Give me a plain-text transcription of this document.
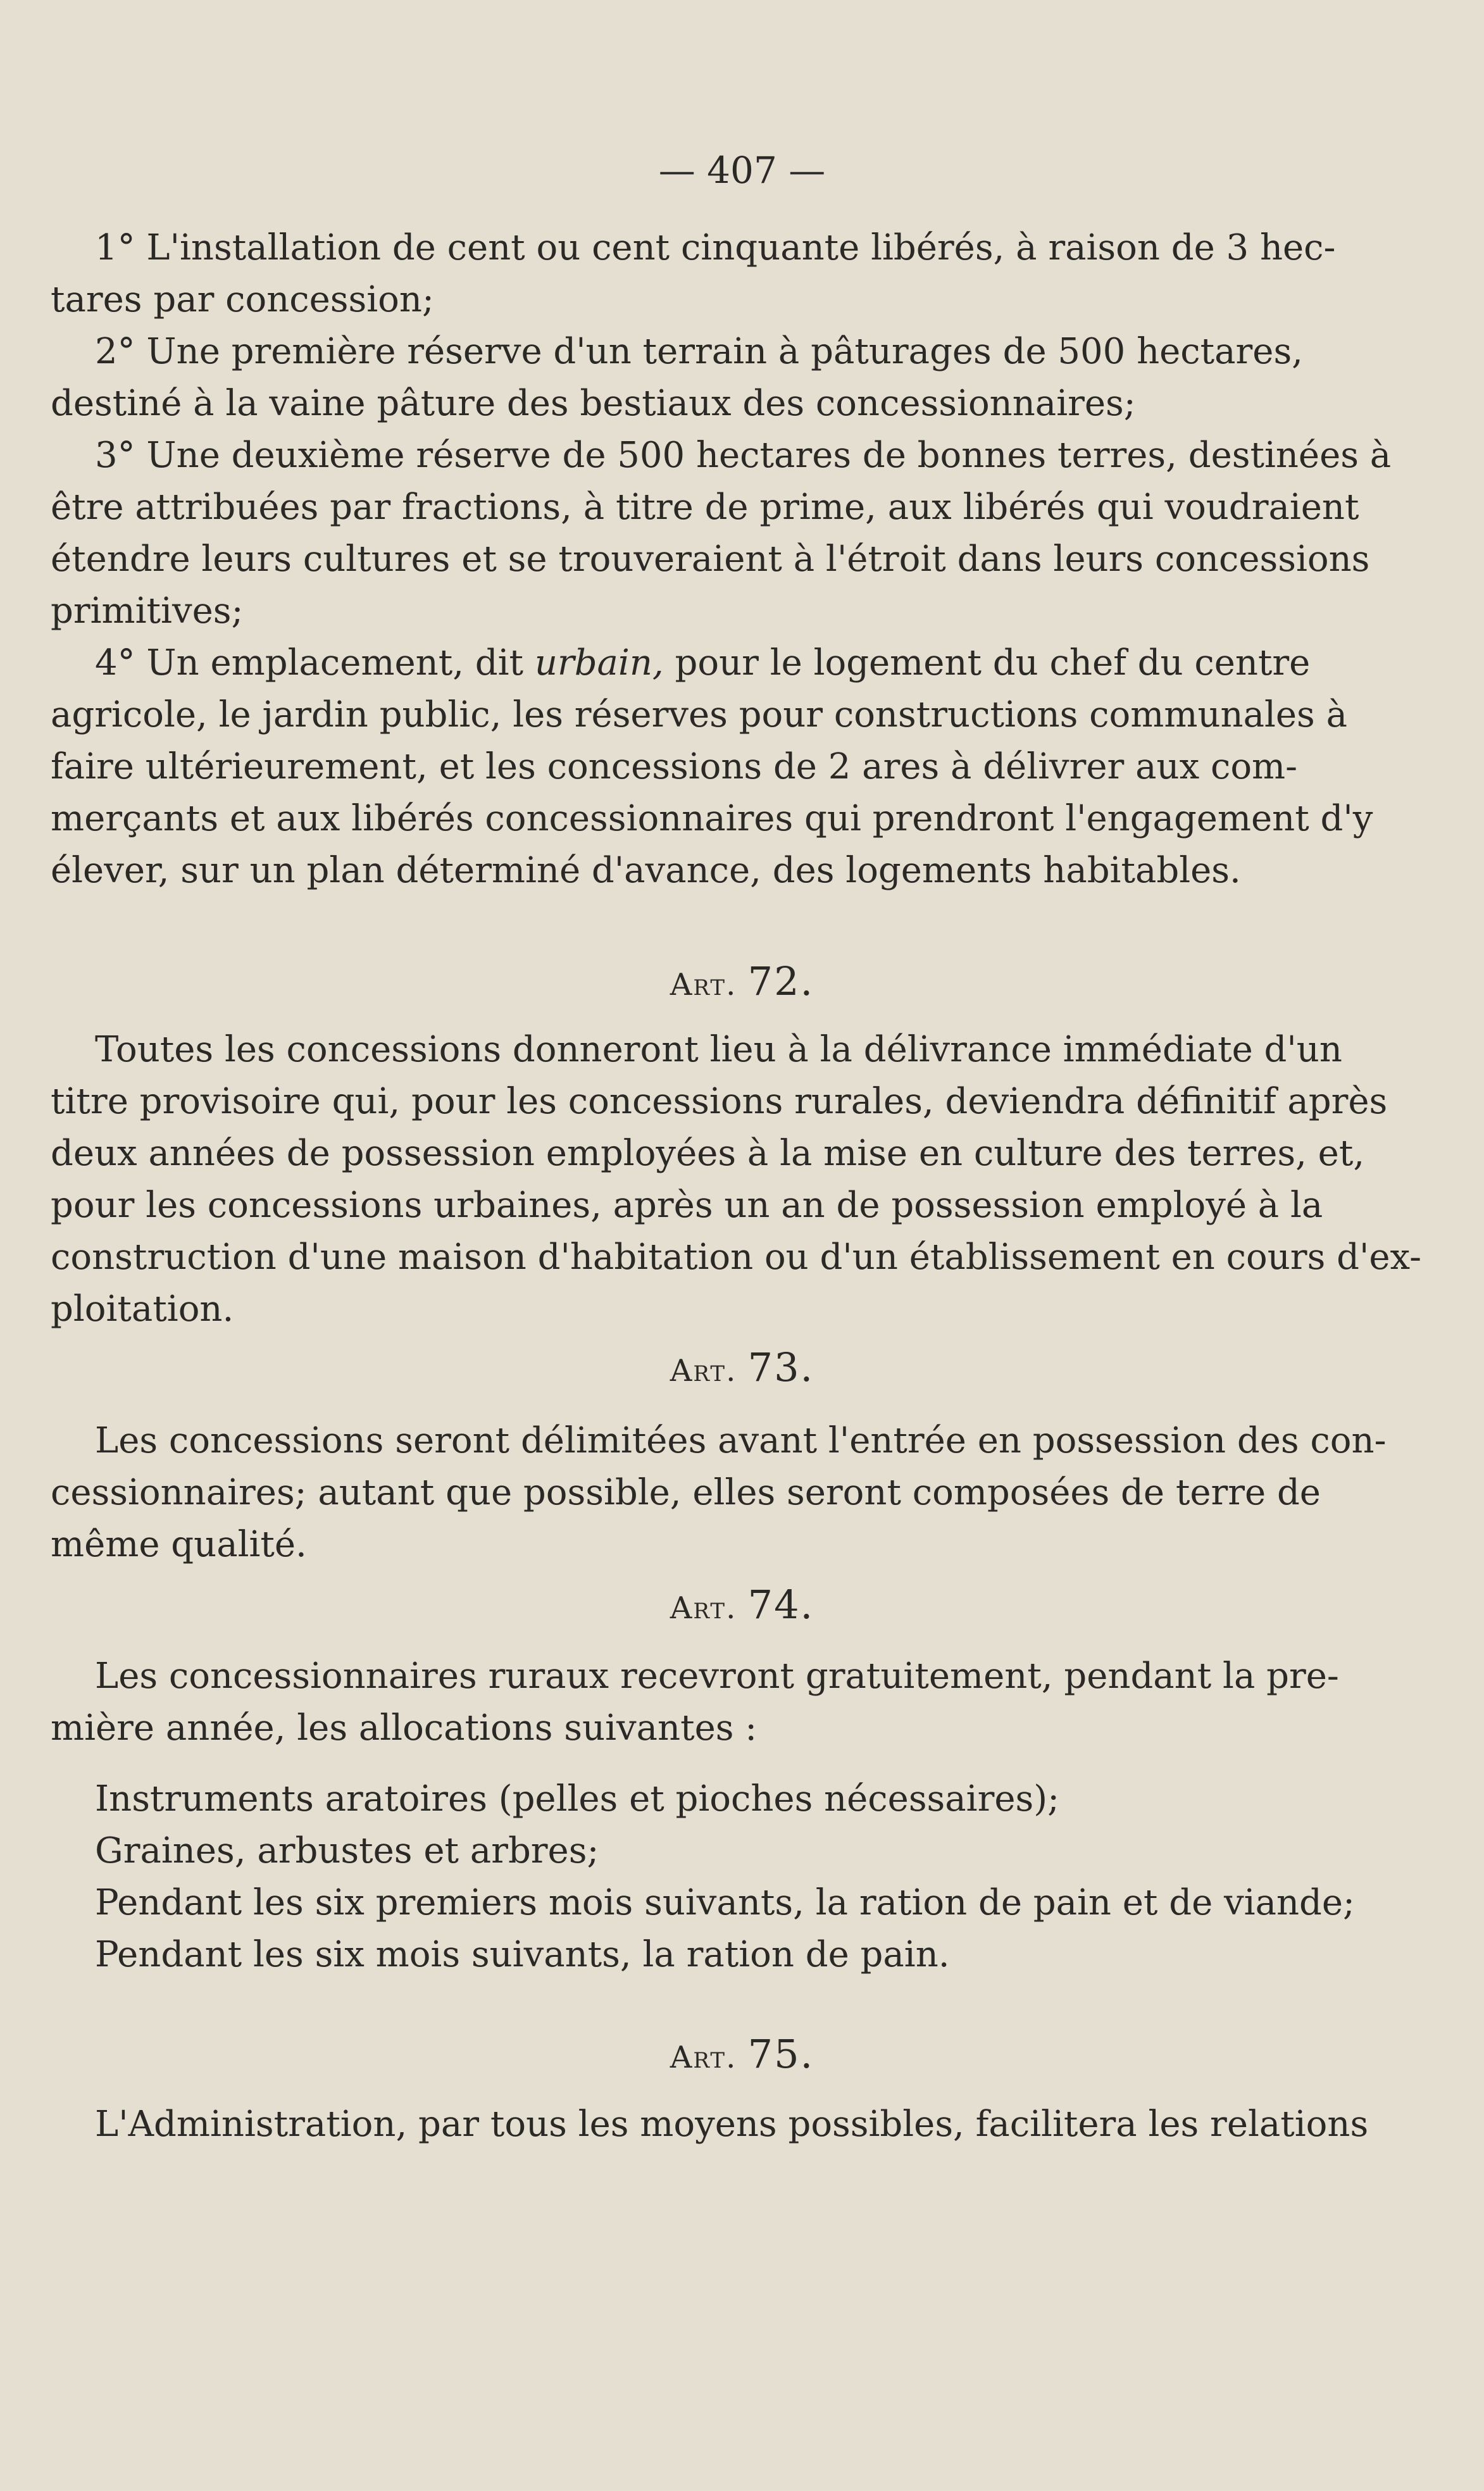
— 407 —
1° L'installation de cent ou cent cinquante libérés, à raison de 3 hec-
tares par concession;
2° Une première réserve d'un terrain à pâturages de 500 hectares,
destiné à la vaine pâture des bestiaux des concessionnaires;
3° Une deuxième réserve de 500 hectares de bonnes terres, destinées à
être attribuées par fractions, à titre de prime, aux libérés qui voudraient
étendre leurs cultures et se trouveraient à l'étroit dans leurs concessions
primitives;
4° Un emplacement, dit urbain, pour le logement du chef du centre
agricole, le jardin public, les réserves pour constructions communales à
faire ultérieurement, et les concessions de 2 ares à délivrer aux com-
merçants et aux libérés concessionnaires qui prendront l'engagement d'y
élever, sur un plan déterminé d'avance, des logements habitables.
Art. 72.
Toutes les concessions donneront lieu à la délivrance immédiate d'un
titre provisoire qui, pour les concessions rurales, deviendra définitif après
deux années de possession employées à la mise en culture des terres, et,
pour les concessions urbaines, après un an de possession employé à la
construction d'une maison d'habitation ou d'un établissement en cours d'ex-
ploitation.
Art. 73.
Les concessions seront délimitées avant l'entrée en possession des con-
cessionnaires; autant que possible, elles seront composées de terre de
même qualité.
Art. 74.
Les concessionnaires ruraux recevront gratuitement, pendant la pre-
mière année, les allocations suivantes :
Instruments aratoires (pelles et pioches nécessaires);
Graines, arbustes et arbres;
Pendant les six premiers mois suivants, la ration de pain et de viande;
Pendant les six mois suivants, la ration de pain.
Art. 75.
L'Administration, par tous les moyens possibles, facilitera les relations
